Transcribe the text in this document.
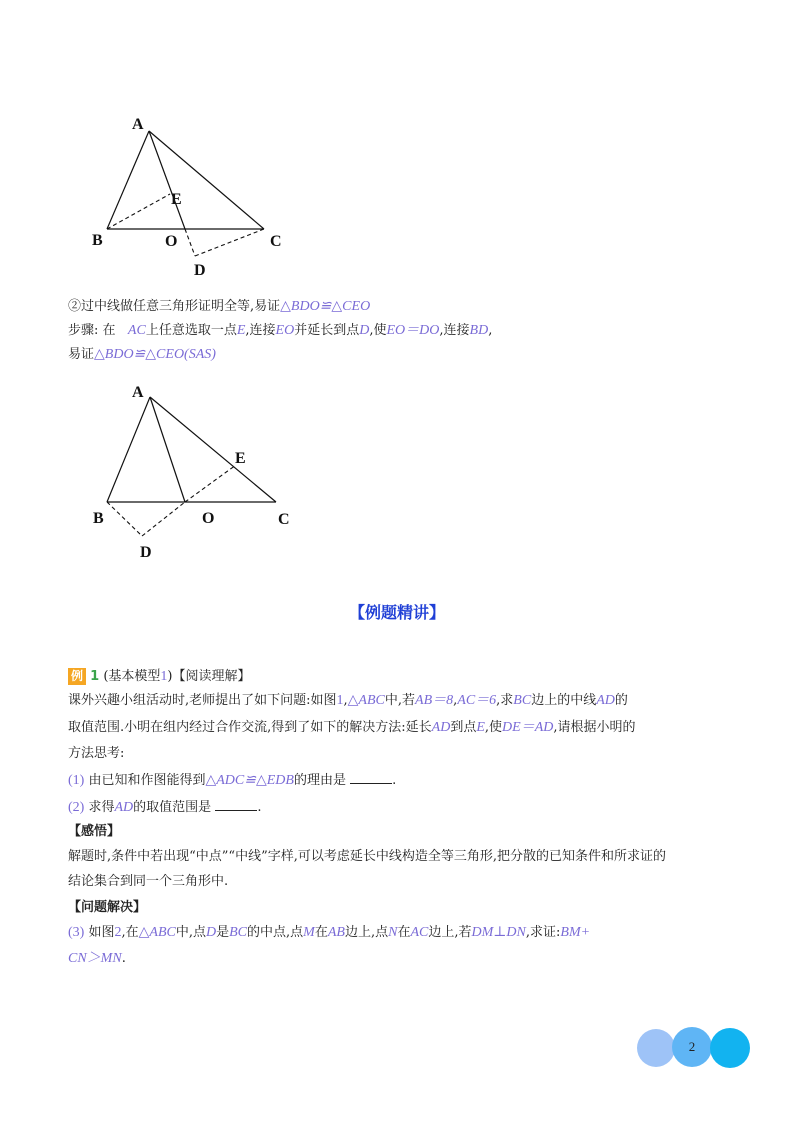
A
E
B	O	C
D
②过中线做任意三角形证明全等,易证△BDO≌△CEO
步骤: 在 AC上任意选取一点E,连接EO并延长到点D,使EO＝DO,连接BD,
易证△BDO≌△CEO(SAS)
A
E
B	O	C
D
【例题精讲】
例 1 (基本模型1)【阅读理解】
课外兴趣小组活动时,老师提出了如下问题:如图1,△ABC中,若AB＝8,AC＝6,求BC边上的中线AD的
取值范围.小明在组内经过合作交流,得到了如下的解决方法:延长AD到点E,使DE＝AD,请根据小明的
方法思考:
(1) 由已知和作图能得到△ADC≌△EDB的理由是	.
(2) 求得AD的取值范围是	.
【感悟】
解题时,条件中若出现“中点”“中线”字样,可以考虑延长中线构造全等三角形,把分散的已知条件和所求证的
结论集合到同一个三角形中.
【问题解决】
(3) 如图2,在△ABC中,点D是BC的中点,点M在AB边上,点N在AC边上,若DM⊥DN,求证:BM+
CN＞MN.
2
